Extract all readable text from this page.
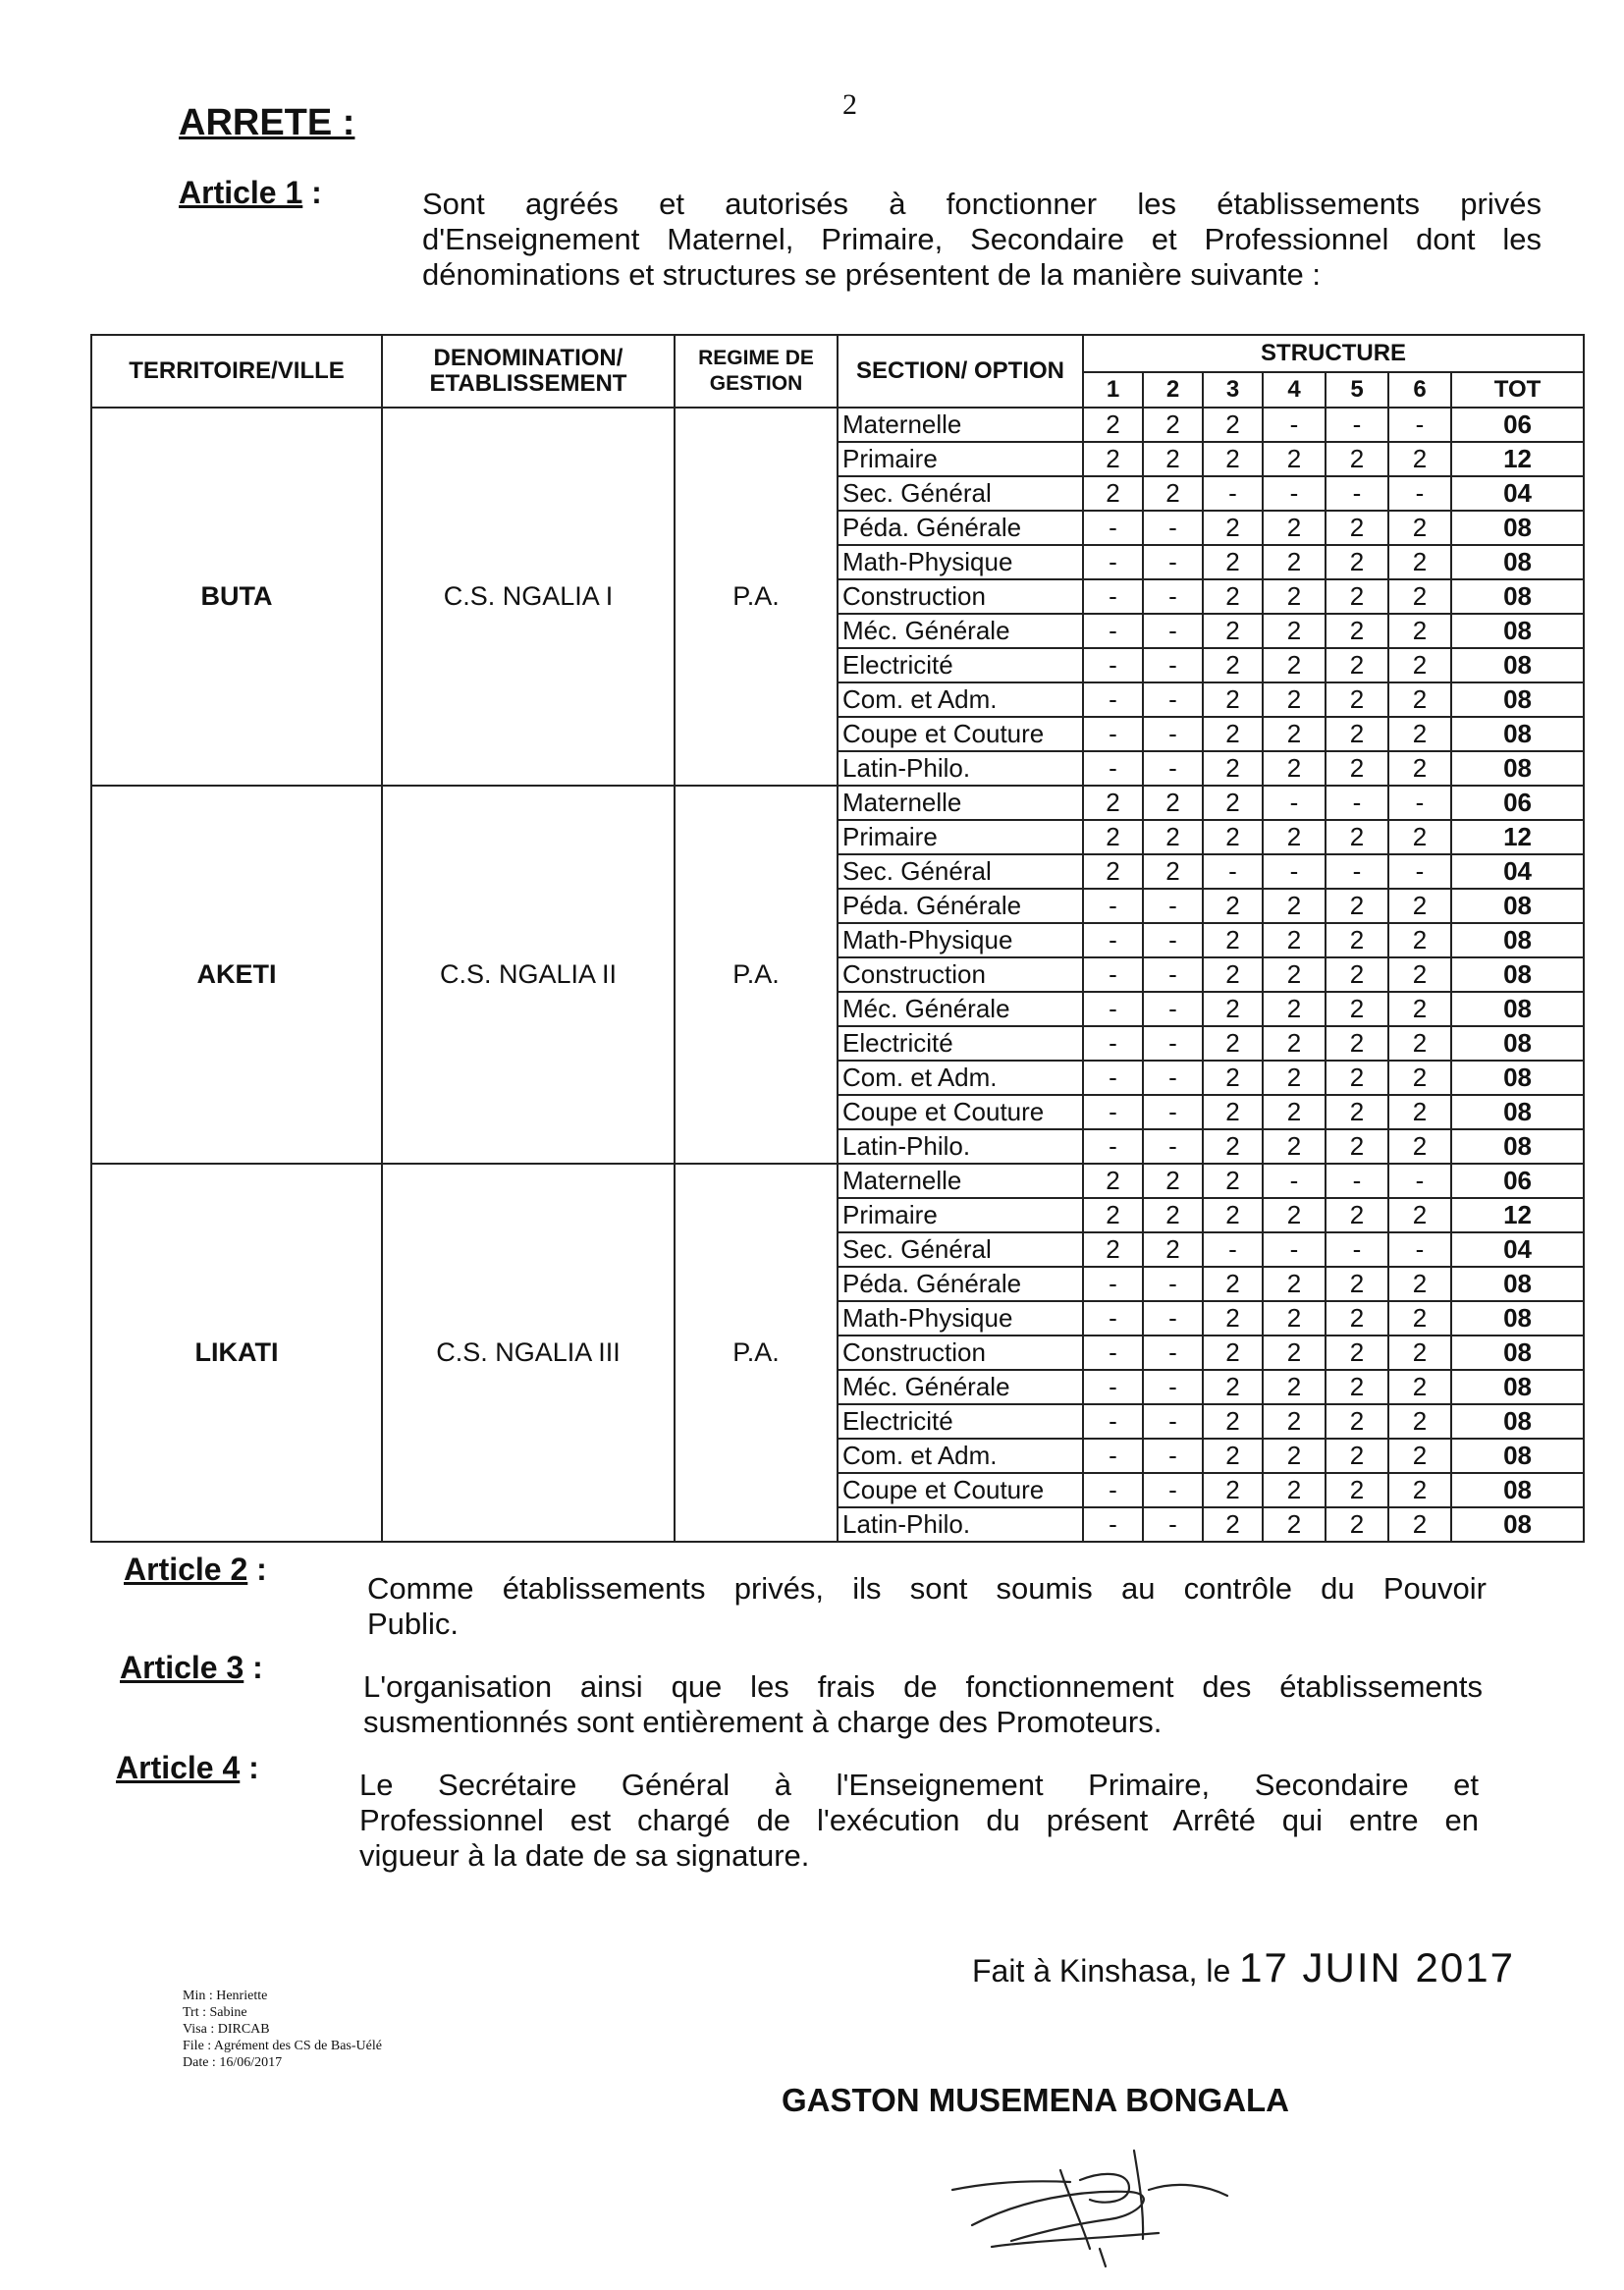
2
ARRETE :
Article 1 :	Sont agréés et autorisés à fonctionner les établissements privés
d'Enseignement Maternel, Primaire, Secondaire et Professionnel dont les
dénominations et structures se présentent de la manière suivante :
TERRITOIRE/VILLE	DENOMINATION/ ETABLISSEMENT	REGIME DE GESTION	SECTION/ OPTION	STRUCTURE						
				1	2	3	4	5	6	TOT
BUTA	C.S. NGALIA I	P.A.	Maternelle	2	2	2	-	-	-	06
			Primaire	2	2	2	2	2	2	12
			Sec. Général	2	2	-	-	-	-	04
			Péda. Générale	-	-	2	2	2	2	08
			Math-Physique	-	-	2	2	2	2	08
			Construction	-	-	2	2	2	2	08
			Méc. Générale	-	-	2	2	2	2	08
			Electricité	-	-	2	2	2	2	08
			Com. et Adm.	-	-	2	2	2	2	08
			Coupe et Couture	-	-	2	2	2	2	08
			Latin-Philo.	-	-	2	2	2	2	08
AKETI	C.S. NGALIA II	P.A.	Maternelle	2	2	2	-	-	-	06
			Primaire	2	2	2	2	2	2	12
			Sec. Général	2	2	-	-	-	-	04
			Péda. Générale	-	-	2	2	2	2	08
			Math-Physique	-	-	2	2	2	2	08
			Construction	-	-	2	2	2	2	08
			Méc. Générale	-	-	2	2	2	2	08
			Electricité	-	-	2	2	2	2	08
			Com. et Adm.	-	-	2	2	2	2	08
			Coupe et Couture	-	-	2	2	2	2	08
			Latin-Philo.	-	-	2	2	2	2	08
LIKATI	C.S. NGALIA III	P.A.	Maternelle	2	2	2	-	-	-	06
			Primaire	2	2	2	2	2	2	12
			Sec. Général	2	2	-	-	-	-	04
			Péda. Générale	-	-	2	2	2	2	08
			Math-Physique	-	-	2	2	2	2	08
			Construction	-	-	2	2	2	2	08
			Méc. Générale	-	-	2	2	2	2	08
			Electricité	-	-	2	2	2	2	08
			Com. et Adm.	-	-	2	2	2	2	08
			Coupe et Couture	-	-	2	2	2	2	08
			Latin-Philo.	-	-	2	2	2	2	08
Article 2 :
Comme établissements privés, ils sont soumis au contrôle du Pouvoir
Public.
Article 3 :
L'organisation ainsi que les frais de fonctionnement des établissements
susmentionnés sont entièrement à charge des Promoteurs.
Article 4 :	Le Secrétaire Général à l'Enseignement Primaire, Secondaire et
Professionnel est chargé de l'exécution du présent Arrêté qui entre en
vigueur à la date de sa signature.
Fait à Kinshasa, le 17 JUIN 2017
Min : Henriette
Trt : Sabine
Visa : DIRCAB
File : Agrément des CS de Bas-Uélé
Date : 16/06/2017
GASTON MUSEMENA BONGALA
